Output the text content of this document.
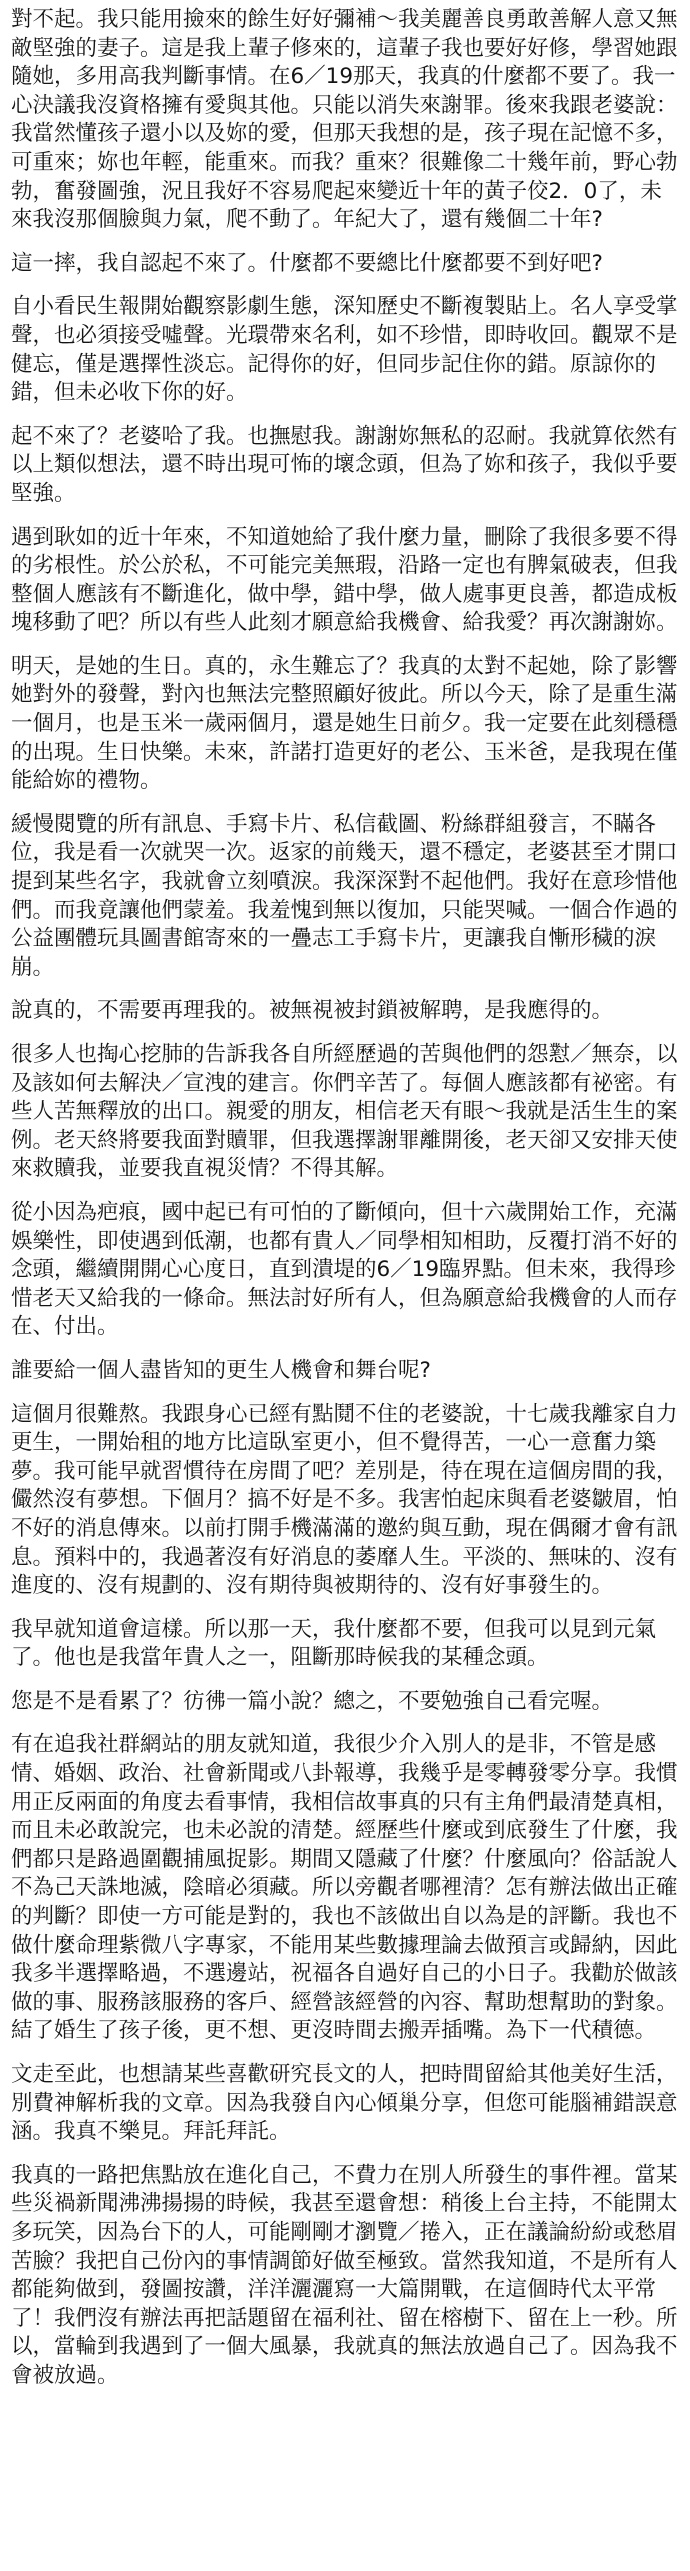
對不起。我只能用撿來的餘生好好彌補～我美麗善良勇敢善解人意又無敵堅強的妻子。這是我上輩子修來的，這輩子我也要好好修，學習她跟隨她，多用高我判斷事情。在6／19那天，我真的什麼都不要了。我一心決議我沒資格擁有愛與其他。只能以消失來謝罪。後來我跟老婆說：我當然懂孩子還小以及妳的愛，但那天我想的是，孩子現在記憶不多，可重來；妳也年輕，能重來。而我？重來？很難像二十幾年前，野心勃勃，奮發圖強，況且我好不容易爬起來變近十年的黃子佼2．0了，未來我沒那個臉與力氣，爬不動了。年紀大了，還有幾個二十年?

這一摔，我自認起不來了。什麼都不要總比什麼都要不到好吧?

自小看民生報開始觀察影劇生態，深知歷史不斷複製貼上。名人享受掌聲，也必須接受噓聲。光環帶來名利，如不珍惜，即時收回。觀眾不是健忘，僅是選擇性淡忘。記得你的好，但同步記住你的錯。原諒你的錯，但未必收下你的好。

起不來了？老婆哈了我。也撫慰我。謝謝妳無私的忍耐。我就算依然有以上類似想法，還不時出現可怖的壞念頭，但為了妳和孩子，我似乎要堅強。

遇到耿如的近十年來，不知道她給了我什麼力量，刪除了我很多要不得的劣根性。於公於私，不可能完美無瑕，沿路一定也有脾氣破表，但我整個人應該有不斷進化，做中學，錯中學，做人處事更良善，都造成板塊移動了吧？所以有些人此刻才願意給我機會、給我愛？再次謝謝妳。

明天，是她的生日。真的，永生難忘了？我真的太對不起她，除了影響她對外的發聲，對內也無法完整照顧好彼此。所以今天，除了是重生滿一個月，也是玉米一歲兩個月，還是她生日前夕。我一定要在此刻穩穩的出現。生日快樂。未來，許諾打造更好的老公、玉米爸，是我現在僅能給妳的禮物。

緩慢閱覽的所有訊息、手寫卡片、私信截圖、粉絲群組發言，不瞞各位，我是看一次就哭一次。返家的前幾天，還不穩定，老婆甚至才開口提到某些名字，我就會立刻噴淚。我深深對不起他們。我好在意珍惜他們。而我竟讓他們蒙羞。我羞愧到無以復加，只能哭喊。一個合作過的公益團體玩具圖書館寄來的一疊志工手寫卡片，更讓我自慚形穢的淚崩。

說真的，不需要再理我的。被無視被封鎖被解聘，是我應得的。

很多人也掏心挖肺的告訴我各自所經歷過的苦與他們的怨懟／無奈，以及該如何去解決／宣洩的建言。你們辛苦了。每個人應該都有祕密。有些人苦無釋放的出口。親愛的朋友，相信老天有眼～我就是活生生的案例。老天終將要我面對贖罪，但我選擇謝罪離開後，老天卻又安排天使來救贖我，並要我直視災情？不得其解。

從小因為疤痕，國中起已有可怕的了斷傾向，但十六歲開始工作，充滿娛樂性，即使遇到低潮，也都有貴人／同學相知相助，反覆打消不好的念頭，繼續開開心心度日，直到潰堤的6／19臨界點。但未來，我得珍惜老天又給我的一條命。無法討好所有人，但為願意給我機會的人而存在、付出。

誰要給一個人盡皆知的更生人機會和舞台呢?

這個月很難熬。我跟身心已經有點鬩不住的老婆說，十七歲我離家自力更生，一開始租的地方比這臥室更小，但不覺得苦，一心一意奮力築夢。我可能早就習慣待在房間了吧？差別是，待在現在這個房間的我，儼然沒有夢想。下個月？搞不好是不多。我害怕起床與看老婆皺眉，怕不好的消息傳來。以前打開手機滿滿的邀約與互動，現在偶爾才會有訊息。預料中的，我過著沒有好消息的萎靡人生。平淡的、無味的、沒有進度的、沒有規劃的、沒有期待與被期待的、沒有好事發生的。

我早就知道會這樣。所以那一天，我什麼都不要，但我可以見到元氣了。他也是我當年貴人之一，阻斷那時候我的某種念頭。

您是不是看累了？彷彿一篇小說？總之，不要勉強自己看完喔。

有在追我社群網站的朋友就知道，我很少介入別人的是非，不管是感情、婚姻、政治、社會新聞或八卦報導，我幾乎是零轉發零分享。我慣用正反兩面的角度去看事情，我相信故事真的只有主角們最清楚真相，而且未必敢說完，也未必說的清楚。經歷些什麼或到底發生了什麼，我們都只是路過圍觀捕風捉影。期間又隱藏了什麼？什麼風向？俗話說人不為己天誅地滅，陰暗必須藏。所以旁觀者哪裡清？怎有辦法做出正確的判斷？即使一方可能是對的，我也不該做出自以為是的評斷。我也不做什麼命理紫微八字專家，不能用某些數據理論去做預言或歸納，因此我多半選擇略過，不選邊站，祝福各自過好自己的小日子。我勸於做該做的事、服務該服務的客戶、經營該經營的內容、幫助想幫助的對象。結了婚生了孩子後，更不想、更沒時間去搬弄插嘴。為下一代積德。

文走至此，也想請某些喜歡研究長文的人，把時間留給其他美好生活，別費神解析我的文章。因為我發自內心傾巢分享，但您可能腦補錯誤意涵。我真不樂見。拜託拜託。

我真的一路把焦點放在進化自己，不費力在別人所發生的事件裡。當某些災禍新聞沸沸揚揚的時候，我甚至還會想：稍後上台主持，不能開太多玩笑，因為台下的人，可能剛剛才瀏覽／捲入，正在議論紛紛或愁眉苦臉？我把自己份內的事情調節好做至極致。當然我知道，不是所有人都能夠做到，發圖按讚，洋洋灑灑寫一大篇開戰，在這個時代太平常了！我們沒有辦法再把話題留在福利社、留在榕樹下、留在上一秒。所以，當輪到我遇到了一個大風暴，我就真的無法放過自己了。因為我不會被放過。
